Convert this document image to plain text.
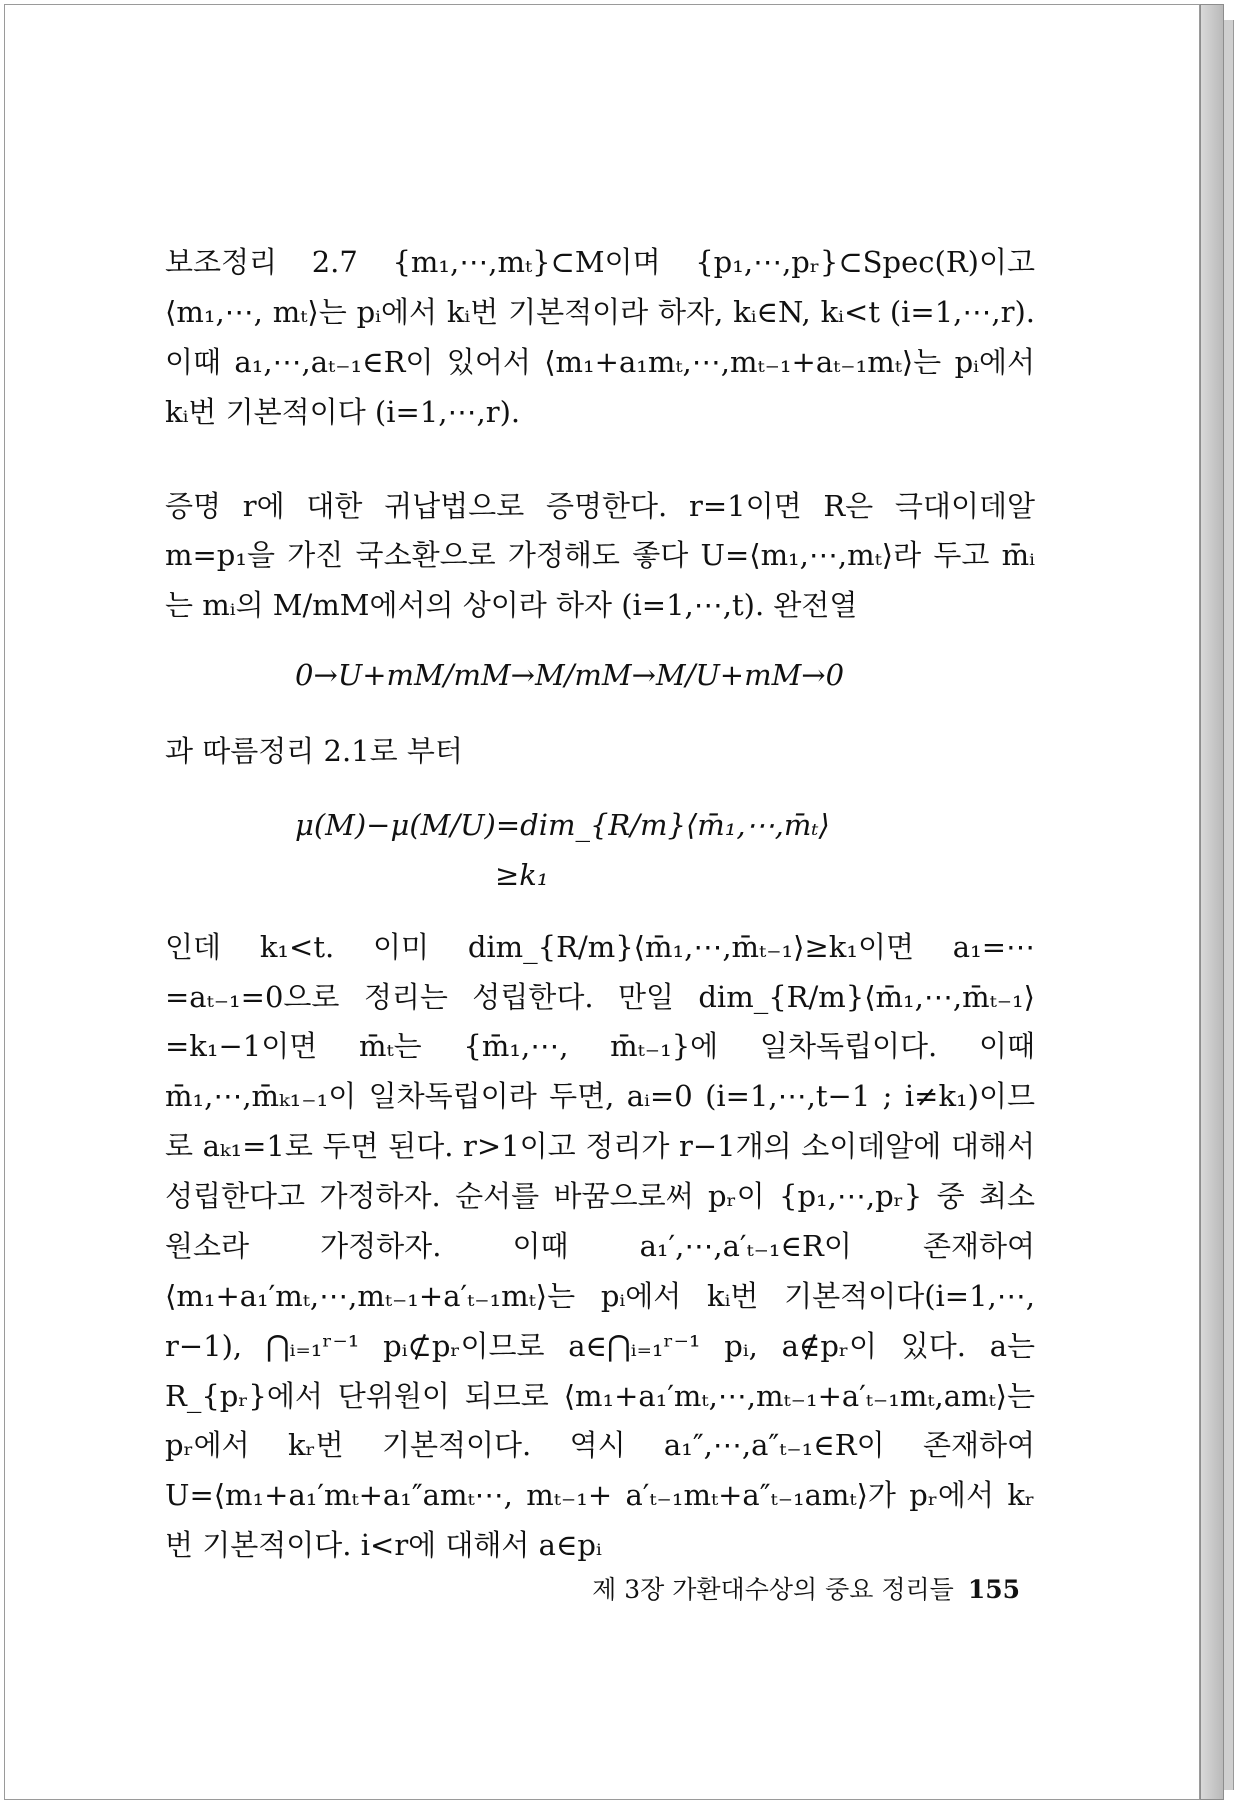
보조정리 2.7 {m₁,⋯,mₜ}⊂M이며 {p₁,⋯,pᵣ}⊂Spec(R)이고 ⟨m₁,⋯, mₜ⟩는 pᵢ에서 kᵢ번 기본적이라 하자, kᵢ∈N, kᵢ<t (i=1,⋯,r). 이때 a₁,⋯,aₜ₋₁∈R이 있어서 ⟨m₁+a₁mₜ,⋯,mₜ₋₁+aₜ₋₁mₜ⟩는 pᵢ에서 kᵢ번 기본적이다 (i=1,⋯,r).

증명 r에 대한 귀납법으로 증명한다. r=1이면 R은 극대이데알 m=p₁을 가진 국소환으로 가정해도 좋다 U=⟨m₁,⋯,mₜ⟩라 두고 m̄ᵢ는 mᵢ의 M/mM에서의 상이라 하자 (i=1,⋯,t). 완전열

0→U+mM/mM→M/mM→M/U+mM→0

과 따름정리 2.1로 부터

μ(M)−μ(M/U)=dim_{R/m}⟨m̄₁,⋯,m̄ₜ⟩

≥k₁

인데 k₁<t. 이미 dim_{R/m}⟨m̄₁,⋯,m̄ₜ₋₁⟩≥k₁이면 a₁=⋯ =aₜ₋₁=0으로 정리는 성립한다. 만일 dim_{R/m}⟨m̄₁,⋯,m̄ₜ₋₁⟩=k₁−1이면 m̄ₜ는 {m̄₁,⋯, m̄ₜ₋₁}에 일차독립이다. 이때 m̄₁,⋯,m̄ₖ₁₋₁이 일차독립이라 두면, aᵢ=0 (i=1,⋯,t−1 ; i≠k₁)이므로 aₖ₁=1로 두면 된다. r>1이고 정리가 r−1개의 소이데알에 대해서 성립한다고 가정하자. 순서를 바꿈으로써 pᵣ이 {p₁,⋯,pᵣ} 중 최소 원소라 가정하자. 이때 a₁′,⋯,a′ₜ₋₁∈R이 존재하여 ⟨m₁+a₁′mₜ,⋯,mₜ₋₁+a′ₜ₋₁mₜ⟩는 pᵢ에서 kᵢ번 기본적이다(i=1,⋯, r−1), ⋂ᵢ₌₁ʳ⁻¹ pᵢ⊄pᵣ이므로 a∈⋂ᵢ₌₁ʳ⁻¹ pᵢ, a∉pᵣ이 있다. a는 R_{pᵣ}에서 단위원이 되므로 ⟨m₁+a₁′mₜ,⋯,mₜ₋₁+a′ₜ₋₁mₜ,amₜ⟩는 pᵣ에서 kᵣ번 기본적이다. 역시 a₁″,⋯,a″ₜ₋₁∈R이 존재하여 U=⟨m₁+a₁′mₜ+a₁″amₜ⋯, mₜ₋₁+ a′ₜ₋₁mₜ+a″ₜ₋₁amₜ⟩가 pᵣ에서 kᵣ번 기본적이다. i<r에 대해서 a∈pᵢ

제 3장 가환대수상의 중요 정리들 155
